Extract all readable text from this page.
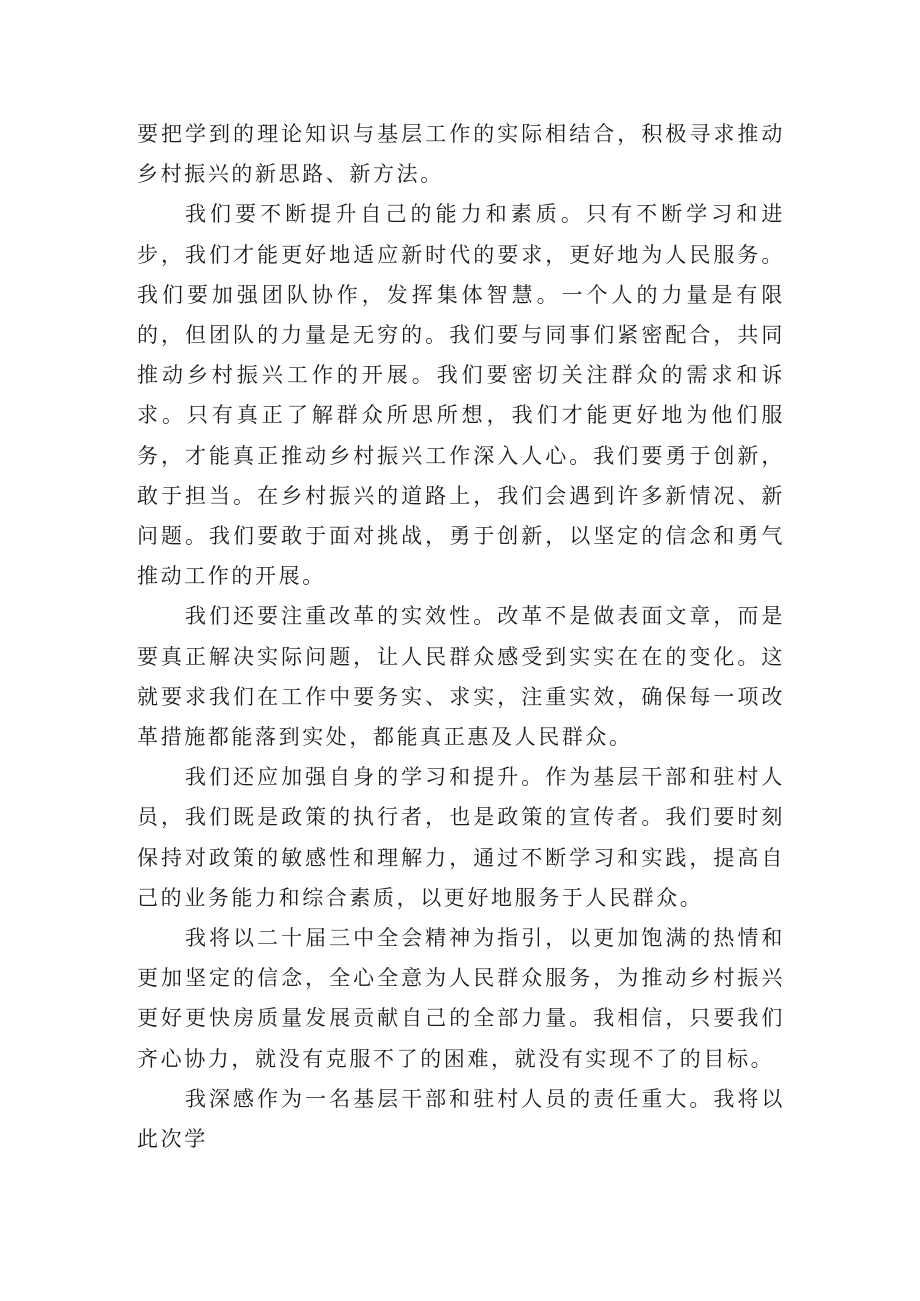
要把学到的理论知识与基层工作的实际相结合，积极寻求推动乡村振兴的新思路、新方法。

我们要不断提升自己的能力和素质。只有不断学习和进步，我们才能更好地适应新时代的要求，更好地为人民服务。我们要加强团队协作，发挥集体智慧。一个人的力量是有限的，但团队的力量是无穷的。我们要与同事们紧密配合，共同推动乡村振兴工作的开展。我们要密切关注群众的需求和诉求。只有真正了解群众所思所想，我们才能更好地为他们服务，才能真正推动乡村振兴工作深入人心。我们要勇于创新，敢于担当。在乡村振兴的道路上，我们会遇到许多新情况、新问题。我们要敢于面对挑战，勇于创新，以坚定的信念和勇气推动工作的开展。

我们还要注重改革的实效性。改革不是做表面文章，而是要真正解决实际问题，让人民群众感受到实实在在的变化。这就要求我们在工作中要务实、求实，注重实效，确保每一项改革措施都能落到实处，都能真正惠及人民群众。

我们还应加强自身的学习和提升。作为基层干部和驻村人员，我们既是政策的执行者，也是政策的宣传者。我们要时刻保持对政策的敏感性和理解力，通过不断学习和实践，提高自己的业务能力和综合素质，以更好地服务于人民群众。

我将以二十届三中全会精神为指引，以更加饱满的热情和更加坚定的信念，全心全意为人民群众服务，为推动乡村振兴更好更快房质量发展贡献自己的全部力量。我相信，只要我们齐心协力，就没有克服不了的困难，就没有实现不了的目标。

我深感作为一名基层干部和驻村人员的责任重大。我将以此次学
